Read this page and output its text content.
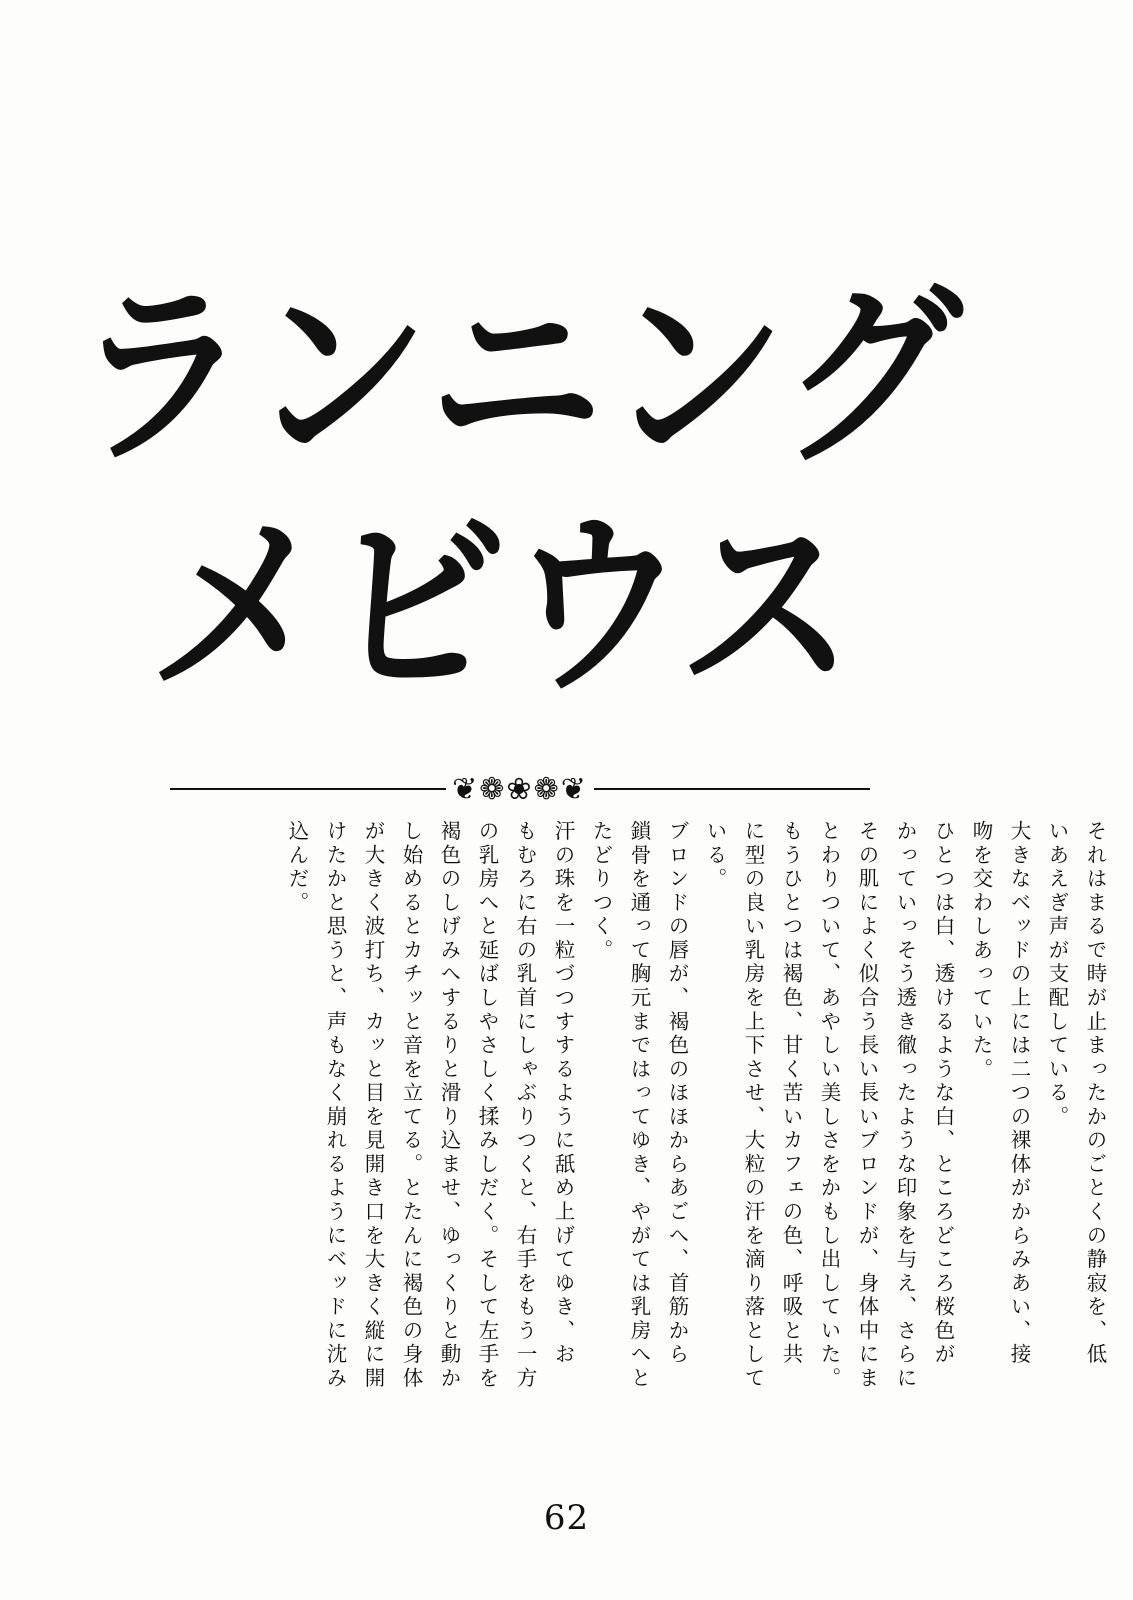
ランニング
メビウス
❦❁❀❁❦
それはまるで時が止まったかのごとくの静寂を、低
いあえぎ声が支配している。
大きなベッドの上には二つの裸体がからみあい、接
吻を交わしあっていた。
ひとつは白、透けるような白、ところどころ桜色が
かっていっそう透き徹ったような印象を与え、さらに
その肌によく似合う長い長いブロンドが、身体中にま
とわりついて、あやしい美しさをかもし出していた。
もうひとつは褐色、甘く苦いカフェの色、呼吸と共
に型の良い乳房を上下させ、大粒の汗を滴り落として
いる。
ブロンドの唇が、褐色のほほからあごへ、首筋から
鎖骨を通って胸元まではってゆき、やがては乳房へと
たどりつく。
汗の珠を一粒づつすするように舐め上げてゆき、お
もむろに右の乳首にしゃぶりつくと、右手をもう一方
の乳房へと延ばしやさしく揉みしだく。そして左手を
褐色のしげみへするりと滑り込ませ、ゆっくりと動か
し始めるとカチッと音を立てる。とたんに褐色の身体
が大きく波打ち、カッと目を見開き口を大きく縦に開
けたかと思うと、声もなく崩れるようにベッドに沈み
込んだ。
62
